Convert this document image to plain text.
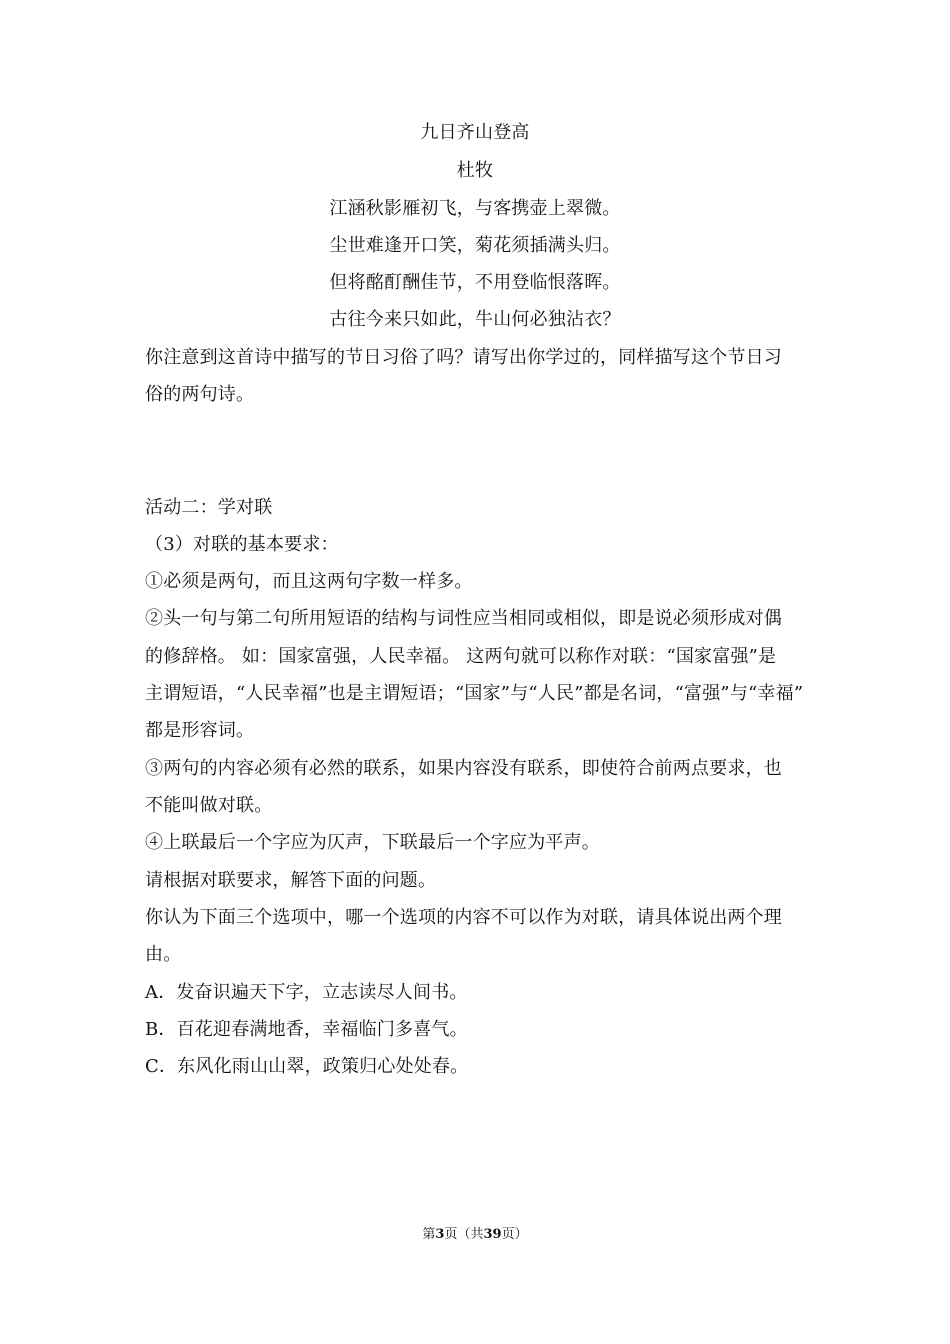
九日齐山登高
杜牧
江涵秋影雁初飞，与客携壶上翠微。
尘世难逢开口笑，菊花须插满头归。
但将酩酊酬佳节，不用登临恨落晖。
古往今来只如此，牛山何必独沾衣？
你注意到这首诗中描写的节日习俗了吗？请写出你学过的，同样描写这个节日习
俗的两句诗。
活动二：学对联
（3）对联的基本要求：
①必须是两句，而且这两句字数一样多。
②头一句与第二句所用短语的结构与词性应当相同或相似，即是说必须形成对偶
的修辞格。 如：国家富强，人民幸福。 这两句就可以称作对联：“国家富强”是
主谓短语，“人民幸福”也是主谓短语；“国家”与“人民”都是名词，“富强”与“幸福”
都是形容词。
③两句的内容必须有必然的联系，如果内容没有联系，即使符合前两点要求，也
不能叫做对联。
④上联最后一个字应为仄声，下联最后一个字应为平声。
请根据对联要求，解答下面的问题。
你认为下面三个选项中，哪一个选项的内容不可以作为对联，请具体说出两个理
由。
A．发奋识遍天下字，立志读尽人间书。
B．百花迎春满地香，幸福临门多喜气。
C．东风化雨山山翠，政策归心处处春。
第3页（共39页）
